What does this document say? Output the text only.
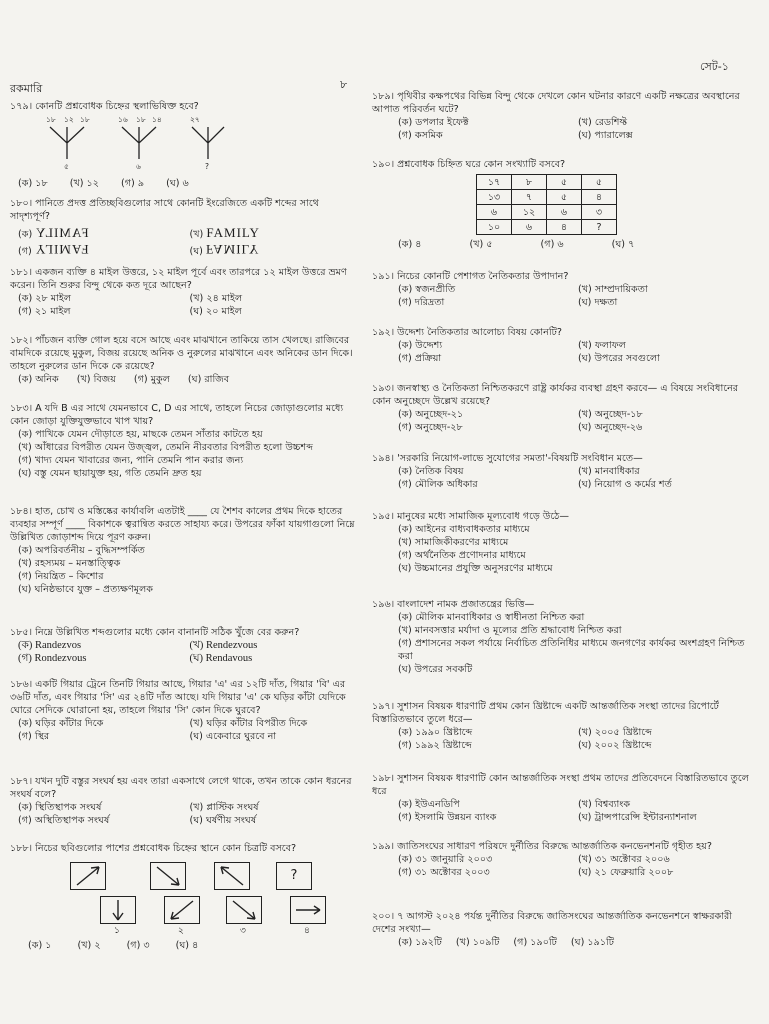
সেট-১
রকমারি	৮
১৭৯। কোনটি প্রশ্নবোধক চিহ্নের স্থলাভিষিক্ত হবে?
১৮ ১২ ১৮	১৬ ১৮ ১৪	২৭
৫	৬	?
(ক) ১৮ (খ) ১২ (গ) ৯ (ঘ) ৬
১৮০। পানিতে প্রদত্ত প্রতিচ্ছবিগুলোর সাথে কোনটি ইংরেজিতে একটি শব্দের সাথে সাদৃশ্যপূর্ণ?
(ক) FAMILY	(খ) FAMILY
(গ) FAMILY	(ঘ) FAMILY
১৮১। একজন ব্যক্তি ৪ মাইল উত্তরে, ১২ মাইল পূর্বে এবং তারপরে ১২ মাইল উত্তরে ভ্রমণ করেন। তিনি শুরুর বিন্দু থেকে কত দূরে আছেন?
(ক) ২৮ মাইল	(খ) ২৪ মাইল
(গ) ২১ মাইল	(ঘ) ২০ মাইল
১৮২। পাঁচজন ব্যক্তি গোল হয়ে বসে আছে এবং মাঝখানে তাকিয়ে তাস খেলছে। রাজিবের বামদিকে রয়েছে মুকুল, বিজয় রয়েছে অনিক ও নুরুলের মাঝখানে এবং অনিকের ডান দিকে। তাহলে নুরুলের ডান দিকে কে রয়েছে?
(ক) অনিক (খ) বিজয় (গ) মুকুল (ঘ) রাজিব
১৮৩। A যদি B এর সাথে যেমনভাবে C, D এর সাথে, তাহলে নিচের জোড়াগুলোর মধ্যে কোন জোড়া যুক্তিযুক্তভাবে খাপ খায়?
(ক) পাখিকে যেমন দৌড়াতে হয়, মাছকে তেমন সাঁতার কাটতে হয়
(খ) আঁধারের বিপরীত যেমন উজ্জ্বল, তেমনি নীরবতার বিপরীত হলো উচ্চশব্দ
(গ) খাদ্য যেমন খাবারের জন্য, পানি তেমনি পান করার জন্য
(ঘ) বস্তু যেমন ছায়াযুক্ত হয়, গতি তেমনি দ্রুত হয়
১৮৪। হাত, চোখ ও মস্তিষ্কের কার্যাবলি এতটাই ____ যে শৈশব কালের প্রথম দিকে হাতের ব্যবহার সম্পূর্ণ ____ বিকাশকে ত্বরান্বিত করতে সাহায্য করে। উপরের ফাঁকা যায়গাগুলো নিম্নে উল্লিখিত জোড়াশব্দ দিয়ে পূরণ করুন।
(ক) অপরিবর্তনীয় – বুদ্ধিসম্পর্কিত
(খ) রহস্যময় – মনস্তাত্ত্বিক
(গ) নিয়ন্ত্রিত – কিশোর
(ঘ) ঘনিষ্ঠভাবে যুক্ত – প্রত্যক্ষণমূলক
১৮৫। নিম্নে উল্লিখিত শব্দগুলোর মধ্যে কোন বানানটি সঠিক খুঁজে বের করুন?
(ক) Randezvos	(খ) Rendezvous
(গ) Rondezvous	(ঘ) Rendavous
১৮৬। একটি গিয়ার ট্রেনে তিনটি গিয়ার আছে, গিয়ার 'এ' এর ১২টি দাঁত, গিয়ার 'বি' এর ৩৬টি দাঁত, এবং গিয়ার 'সি' এর ২৪টি দাঁত আছে। যদি গিয়ার 'এ' কে ঘড়ির কাঁটা যেদিকে ঘোরে সেদিকে ঘোরানো হয়, তাহলে গিয়ার 'সি' কোন দিকে ঘুরবে?
(ক) ঘড়ির কাঁটার দিকে	(খ) ঘড়ির কাঁটার বিপরীত দিকে
(গ) স্থির	(ঘ) একেবারে ঘুরবে না
১৮৭। যখন দুটি বস্তুর সংঘর্ষ হয় এবং তারা একসাথে লেগে থাকে, তখন তাকে কোন ধরনের সংঘর্ষ বলে?
(ক) স্থিতিস্থাপক সংঘর্ষ	(খ) প্লাস্টিক সংঘর্ষ
(গ) অস্থিতিস্থাপক সংঘর্ষ	(ঘ) ঘর্ষণীয় সংঘর্ষ
১৮৮। নিচের ছবিগুলোর পাশের প্রশ্নবোধক চিহ্নের স্থানে কোন চিত্রটি বসবে?
?
১	২	৩	৪
(ক) ১	(খ) ২	(গ) ৩	(ঘ) ৪
১৮৯। পৃথিবীর কক্ষপথের বিভিন্ন বিন্দু থেকে দেখলে কোন ঘটনার কারণে একটি নক্ষত্রের অবস্থানের আপাত পরিবর্তন ঘটে?
(ক) ডপলার ইফেক্ট	(খ) রেডশিফ্ট
(গ) কসমিক	(ঘ) প্যারালেক্স
১৯০। প্রশ্নবোধক চিহ্নিত ঘরে কোন সংখ্যাটি বসবে?
১৭	৮	৫	৫
১৩	৭	৫	৪
৬	১২	৬	৩
১০	৬	৪	?
(ক) ৪	(খ) ৫	(গ) ৬	(ঘ) ৭
১৯১। নিচের কোনটি পেশাগত নৈতিকতার উপাদান?
(ক) স্বজনপ্রীতি	(খ) সাম্প্রদায়িকতা
(গ) দরিদ্রতা	(ঘ) দক্ষতা
১৯২। উদ্দেশ্য নৈতিকতার আলোচ্য বিষয় কোনটি?
(ক) উদ্দেশ্য	(খ) ফলাফল
(গ) প্রক্রিয়া	(ঘ) উপরের সবগুলো
১৯৩। জনস্বাস্থ্য ও নৈতিকতা নিশ্চিতকরণে রাষ্ট্র কার্যকর ব্যবস্থা গ্রহণ করবে— এ বিষয়ে সংবিধানের কোন অনুচ্ছেদে উল্লেখ রয়েছে?
(ক) অনুচ্ছেদ-২১	(খ) অনুচ্ছেদ-১৮
(গ) অনুচ্ছেদ-২৮	(ঘ) অনুচ্ছেদ-২৬
১৯৪। 'সরকারি নিয়োগ-লাভে সুযোগের সমতা'-বিষয়টি সংবিধান মতে—
(ক) নৈতিক বিষয়	(খ) মানবাধিকার
(গ) মৌলিক অধিকার	(ঘ) নিয়োগ ও কর্মের শর্ত
১৯৫। মানুষের মধ্যে সামাজিক মূল্যবোধ গড়ে উঠে—
(ক) আইনের বাধ্যবাধকতার মাধ্যমে
(খ) সামাজিকীকরণের মাধ্যমে
(গ) অর্থনৈতিক প্রণোদনার মাধ্যমে
(ঘ) উচ্চমানের প্রযুক্তি অনুসরণের মাধ্যমে
১৯৬। বাংলাদেশ নামক প্রজাতন্ত্রের ভিত্তি—
(ক) মৌলিক মানবাধিকার ও স্বাধীনতা নিশ্চিত করা
(খ) মানবসত্তার মর্যাদা ও মূল্যের প্রতি শ্রদ্ধাবোধ নিশ্চিত করা
(গ) প্রশাসনের সকল পর্যায়ে নির্বাচিত প্রতিনিধির মাধ্যমে জনগণের কার্যকর অংশগ্রহণ নিশ্চিত করা
(ঘ) উপরের সবকটি
১৯৭। সুশাসন বিষয়ক ধারণাটি প্রথম কোন খ্রিষ্টাব্দে একটি আন্তর্জাতিক সংস্থা তাদের রিপোর্টে বিস্তারিতভাবে তুলে ধরে—
(ক) ১৯৯০ খ্রিষ্টাব্দে	(খ) ২০০৫ খ্রিষ্টাব্দে
(গ) ১৯৯২ খ্রিষ্টাব্দে	(ঘ) ২০০২ খ্রিষ্টাব্দে
১৯৮। সুশাসন বিষয়ক ধারণাটি কোন আন্তর্জাতিক সংস্থা প্রথম তাদের প্রতিবেদনে বিস্তারিতভাবে তুলে ধরে
(ক) ইউএনডিপি	(খ) বিশ্বব্যাংক
(গ) ইসলামি উন্নয়ন ব্যাংক	(ঘ) ট্রান্সপারেন্সি ইন্টারন্যাশনাল
১৯৯। জাতিসংঘের সাধারণ পরিষদে দুর্নীতির বিরুদ্ধে আন্তর্জাতিক কনভেনশনটি গৃহীত হয়?
(ক) ৩১ জানুয়ারি ২০০৩	(খ) ৩১ অক্টোবর ২০০৬
(গ) ৩১ অক্টোবর ২০০৩	(ঘ) ২১ ফেব্রুয়ারি ২০০৮
২০০। ৭ আগস্ট ২০২৪ পর্যন্ত দুর্নীতির বিরুদ্ধে জাতিসংঘের আন্তর্জাতিক কনভেনশনে স্বাক্ষরকারী দেশের সংখ্যা—
(ক) ১৯২টি (খ) ১০৯টি (গ) ১৯০টি (ঘ) ১৯১টি
